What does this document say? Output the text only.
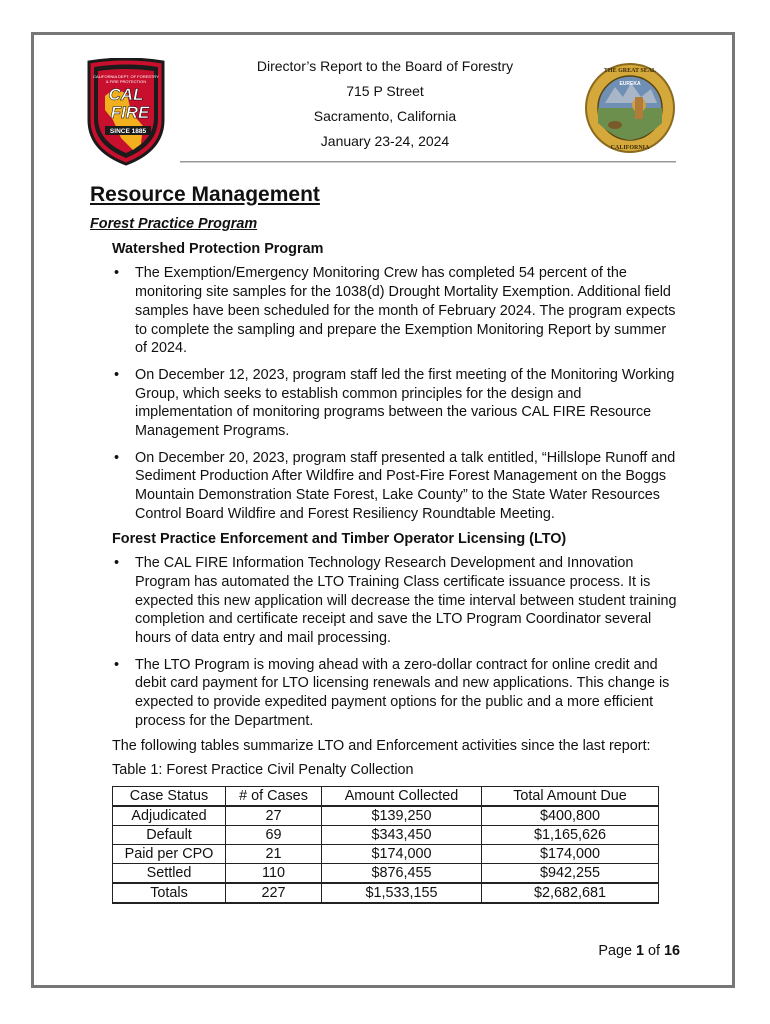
CAL
FIRE
SINCE 1885
CALIFORNIA DEPT. OF FORESTRY
& FIRE PROTECTION	EUREKA
THE GREAT SEAL
CALIFORNIA
Director’s Report to the Board of Forestry
715 P Street
Sacramento, California
January 23-24, 2024
Resource Management
Forest Practice Program
Watershed Protection Program
• The Exemption/Emergency Monitoring Crew has completed 54 percent of the monitoring site samples for the 1038(d) Drought Mortality Exemption. Additional field samples have been scheduled for the month of February 2024. The program expects to complete the sampling and prepare the Exemption Monitoring Report by summer of 2024.
• On December 12, 2023, program staff led the first meeting of the Monitoring Working Group, which seeks to establish common principles for the design and implementation of monitoring programs between the various CAL FIRE Resource Management Programs.
• On December 20, 2023, program staff presented a talk entitled, “Hillslope Runoff and Sediment Production After Wildfire and Post-Fire Forest Management on the Boggs Mountain Demonstration State Forest, Lake County” to the State Water Resources Control Board Wildfire and Forest Resiliency Roundtable Meeting.
Forest Practice Enforcement and Timber Operator Licensing (LTO)
• The CAL FIRE Information Technology Research Development and Innovation Program has automated the LTO Training Class certificate issuance process. It is expected this new application will decrease the time interval between student training completion and certificate receipt and save the LTO Program Coordinator several hours of data entry and mail processing.
• The LTO Program is moving ahead with a zero-dollar contract for online credit and debit card payment for LTO licensing renewals and new applications. This change is expected to provide expedited payment options for the public and a more efficient process for the Department.

The following tables summarize LTO and Enforcement activities since the last report:

Table 1: Forest Practice Civil Penalty Collection
Case Status	# of Cases	Amount Collected	Total Amount Due
Adjudicated	27	$139,250	$400,800
Default	69	$343,450	$1,165,626
Paid per CPO	21	$174,000	$174,000
Settled	110	$876,455	$942,255
Totals	227	$1,533,155	$2,682,681
Page 1 of 16
